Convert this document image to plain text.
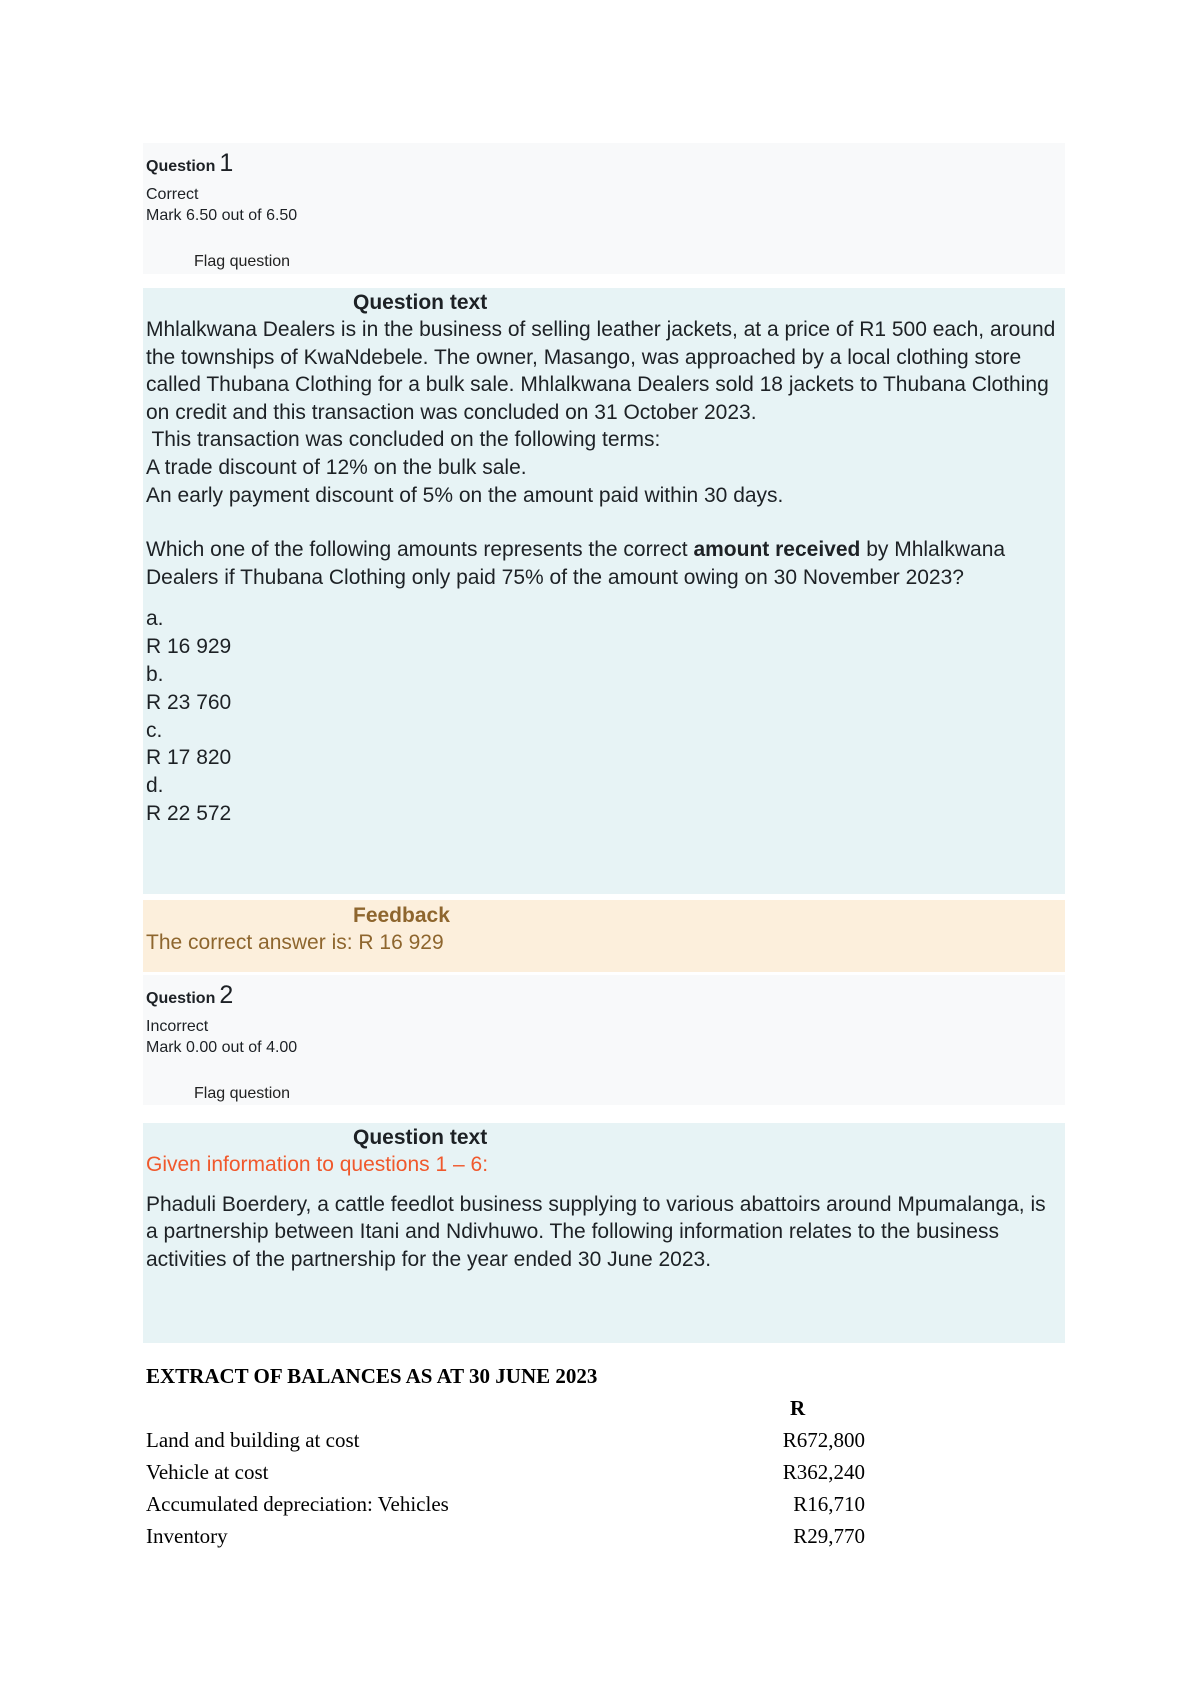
Question 1
Correct
Mark 6.50 out of 6.50
Flag question
Question text

Mhlalkwana Dealers is in the business of selling leather jackets, at a price of R1 500 each, around the townships of KwaNdebele. The owner, Masango, was approached by a local clothing store called Thubana Clothing for a bulk sale. Mhlalkwana Dealers sold 18 jackets to Thubana Clothing on credit and this transaction was concluded on 31 October 2023.

This transaction was concluded on the following terms:
A trade discount of 12% on the bulk sale.
An early payment discount of 5% on the amount paid within 30 days.

Which one of the following amounts represents the correct amount received by Mhlalkwana Dealers if Thubana Clothing only paid 75% of the amount owing on 30 November 2023?

a.
R 16 929
b.
R 23 760
c.
R 17 820
d.
R 22 572
Feedback
The correct answer is: R 16 929
Question 2
Incorrect
Mark 0.00 out of 4.00
Flag question
Question text
Given information to questions 1 – 6:

Phaduli Boerdery, a cattle feedlot business supplying to various abattoirs around Mpumalanga, is a partnership between Itani and Ndivhuwo. The following information relates to the business activities of the partnership for the year ended 30 June 2023.

EXTRACT OF BALANCES AS AT 30 JUNE 2023
R
Land and building at cost	R672,800
Vehicle at cost	R362,240
Accumulated depreciation: Vehicles	R16,710
Inventory	R29,770
